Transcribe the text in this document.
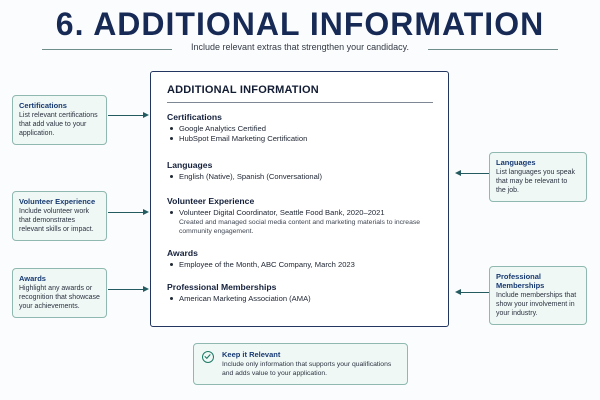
6. ADDITIONAL INFORMATION
Include relevant extras that strengthen your candidacy.
ADDITIONAL INFORMATION
Certifications
Google Analytics Certified
HubSpot Email Marketing Certification
Languages
English (Native), Spanish (Conversational)
Volunteer Experience
Volunteer Digital Coordinator, Seattle Food Bank, 2020–2021
Created and managed social media content and marketing materials to increase
community engagement.
Awards
Employee of the Month, ABC Company, March 2023
Professional Memberships
American Marketing Association (AMA)
Certifications
List relevant certifications
that add value to your
application.
Volunteer Experience
Include volunteer work
that demonstrates
relevant skills or impact.
Awards
Highlight any awards or
recognition that showcase
your achievements.
Languages
List languages you speak
that may be relevant to
the job.
Professional Memberships
Include memberships that
show your involvement in
your industry.
Keep it Relevant
Include only information that supports your qualifications
and adds value to your application.
